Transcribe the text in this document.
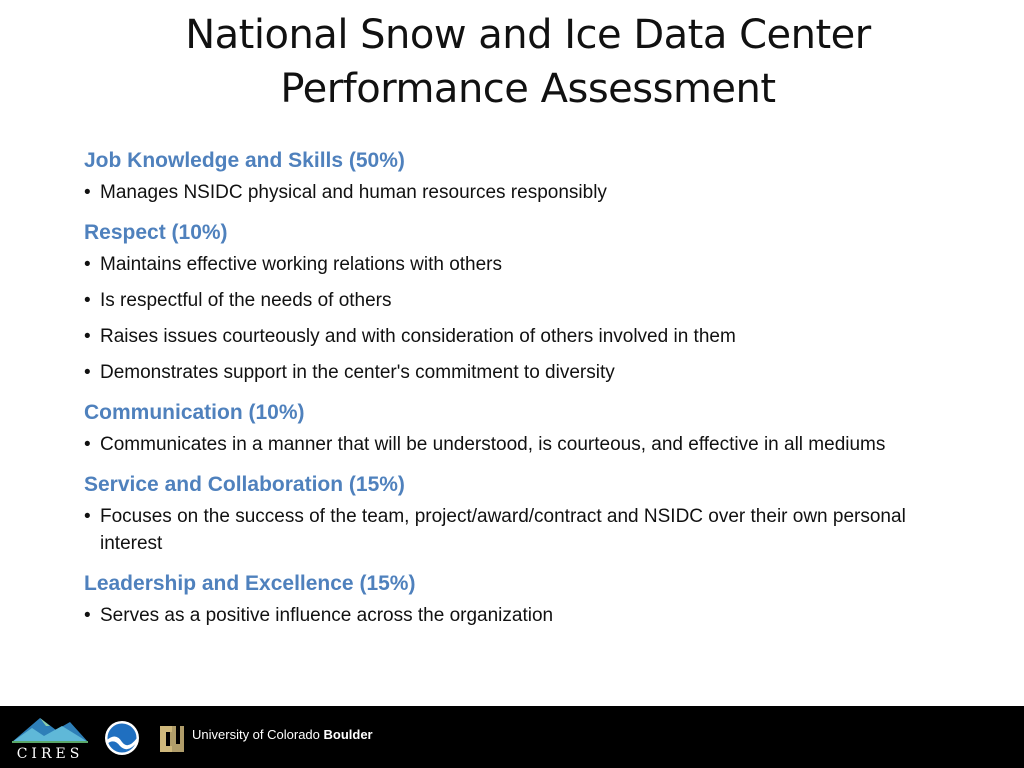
National Snow and Ice Data Center
Performance Assessment

Job Knowledge and Skills (50%)

• Manages NSIDC physical and human resources responsibly

Respect (10%)

• Maintains effective working relations with others

• Is respectful of the needs of others

• Raises issues courteously and with consideration of others involved in them

• Demonstrates support in the center's commitment to diversity

Communication (10%)

• Communicates in a manner that will be understood, is courteous, and effective in all mediums

Service and Collaboration (15%)

• Focuses on the success of the team, project/award/contract and NSIDC over their own personal interest

Leadership and Excellence (15%)

• Serves as a positive influence across the organization

CIRES
University of Colorado Boulder
